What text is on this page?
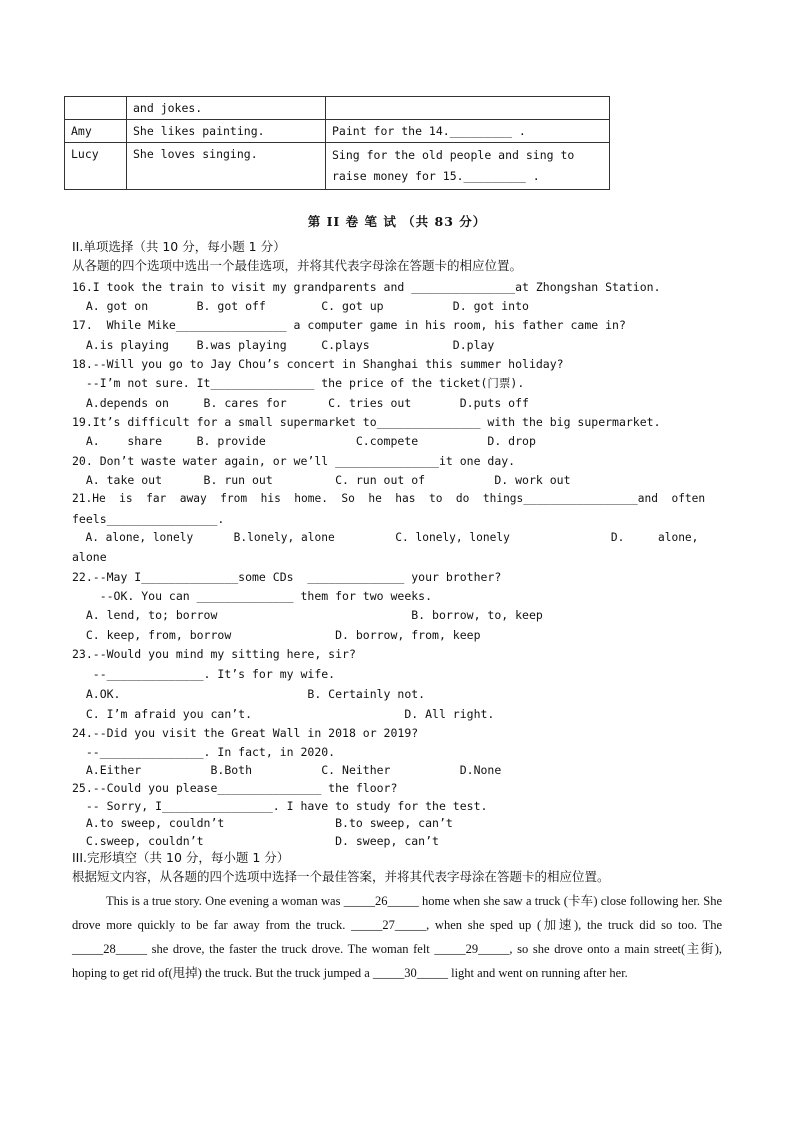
	and jokes.	
Amy	She likes painting.	Paint for the 14._________ .
Lucy	She loves singing.	Sing for the old people and sing to raise money for 15._________ .
第 II 卷 笔 试 （共 83 分）
II.单项选择（共 10 分，每小题 1 分）
从各题的四个选项中选出一个最佳选项，并将其代表字母涂在答题卡的相应位置。
16.I took the train to visit my grandparents and _______________at Zhongshan Station.
A. got on       B. got off        C. got up          D. got into
17.  While Mike________________ a computer game in his room, his father came in?
A.is playing    B.was playing     C.plays            D.play
18.--Will you go to Jay Chou’s concert in Shanghai this summer holiday?
--I’m not sure. It_______________ the price of the ticket(门票).
A.depends on     B. cares for      C. tries out       D.puts off
19.It’s difficult for a small supermarket to_______________ with the big supermarket.
A.    share     B. provide             C.compete          D. drop
20. Don’t waste water again, or we’ll _______________it one day.
A. take out      B. run out         C. run out of          D. work out
21.He  is  far  away  from  his  home.  So  he  has  to  do  things_________________and  often
feels________________.
A. alone, lonely      B.lonely, alone         C. lonely, lonely               D.     alone,
alone
22.--May I______________some CDs  ______________ your brother?
--OK. You can ______________ them for two weeks.
A. lend, to; borrow                            B. borrow, to, keep
C. keep, from, borrow               D. borrow, from, keep
23.--Would you mind my sitting here, sir?
--______________. It’s for my wife.
A.OK.                           B. Certainly not.
C. I’m afraid you can’t.                      D. All right.
24.--Did you visit the Great Wall in 2018 or 2019?
--_______________. In fact, in 2020.
A.Either          B.Both          C. Neither          D.None
25.--Could you please_______________ the floor?
-- Sorry, I________________. I have to study for the test.
A.to sweep, couldn’t                B.to sweep, can’t
C.sweep, couldn’t                   D. sweep, can’t
III.完形填空（共 10 分，每小题 1 分）
根据短文内容，从各题的四个选项中选择一个最佳答案，并将其代表字母涂在答题卡的相应位置。

This is a true story. One evening a woman was _____26_____ home when she saw a truck (卡车) close following her. She drove more quickly to be far away from the truck. _____27_____, when she sped up (加速), the truck did so too. The _____28_____ she drove, the faster the truck drove. The woman felt _____29_____, so she drove onto a main street(主街), hoping to get rid of(甩掉) the truck. But the truck jumped a _____30_____ light and went on running after her.
